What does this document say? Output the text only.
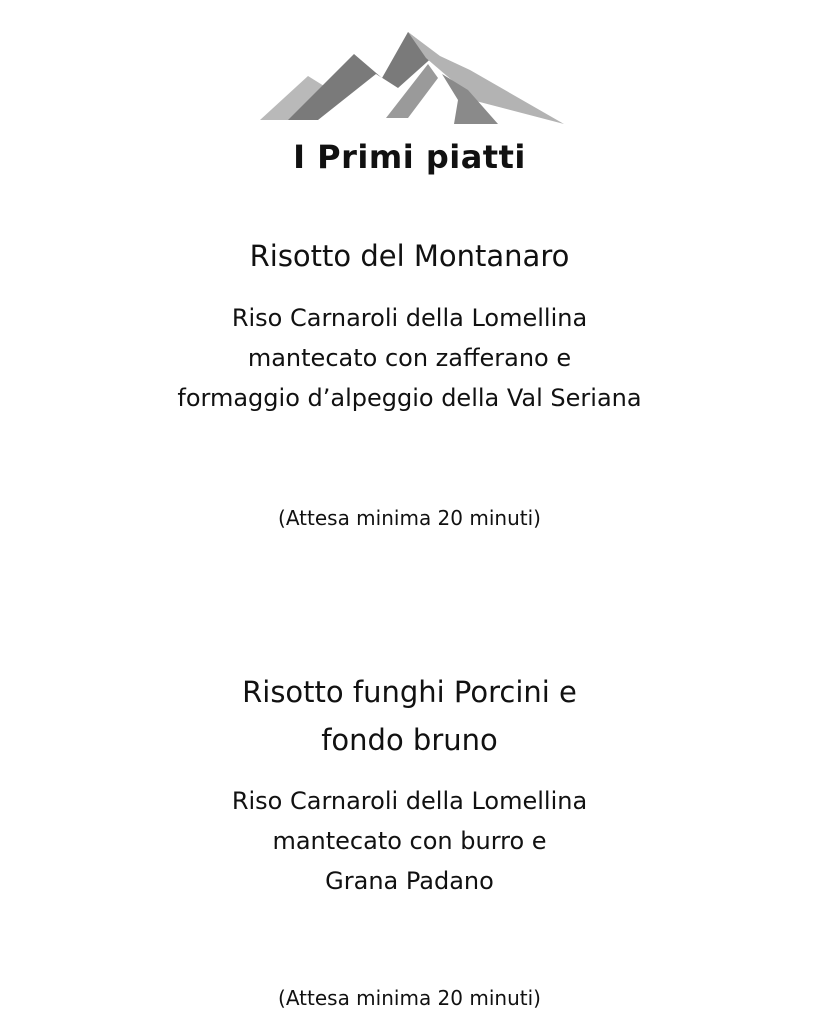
I Primi piatti
Risotto del Montanaro
Riso Carnaroli della Lomellina
mantecato con zafferano e
formaggio d’alpeggio della Val Seriana
(Attesa minima 20 minuti)
Risotto funghi Porcini e
fondo bruno
Riso Carnaroli della Lomellina
mantecato con burro e
Grana Padano
(Attesa minima 20 minuti)
